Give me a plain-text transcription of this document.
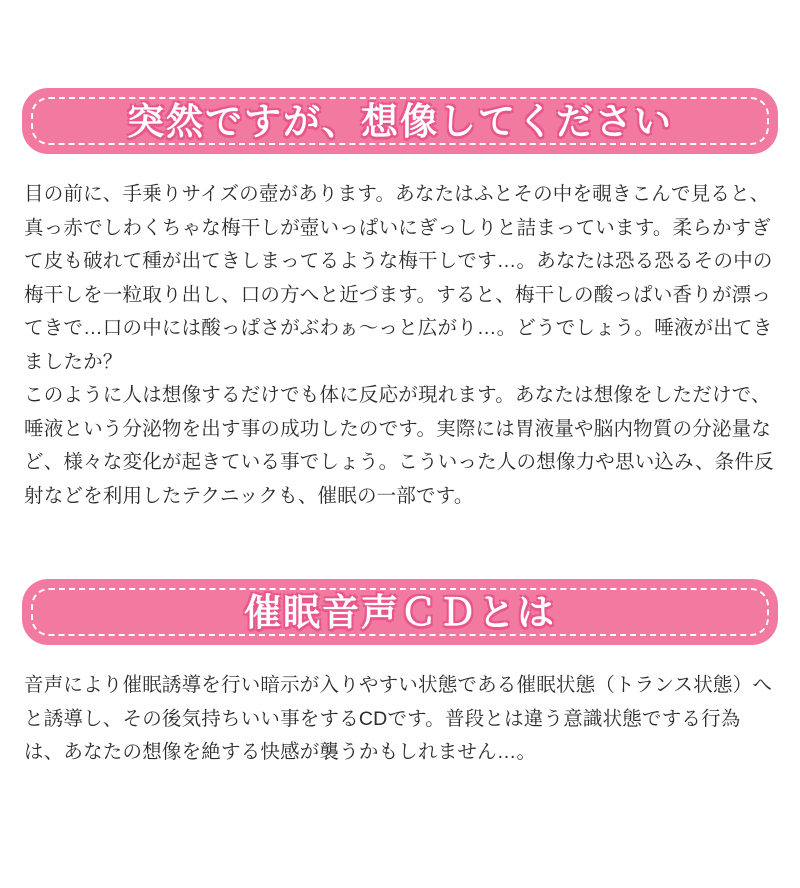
突然ですが、想像してください

目の前に、手乗りサイズの壺があります。あなたはふとその中を覗きこんで見ると、真っ赤でしわくちゃな梅干しが壺いっぱいにぎっしりと詰まっています。柔らかすぎて皮も破れて種が出てきしまってるような梅干しです…。あなたは恐る恐るその中の梅干しを一粒取り出し、口の方へと近づます。すると、梅干しの酸っぱい香りが漂ってきで…口の中には酸っぱさがぶわぁ〜っと広がり…。どうでしょう。唾液が出てきましたか？

このように人は想像するだけでも体に反応が現れます。あなたは想像をしただけで、唾液という分泌物を出す事の成功したのです。実際には胃液量や脳内物質の分泌量など、様々な変化が起きている事でしょう。こういった人の想像力や思い込み、条件反射などを利用したテクニックも、催眠の一部です。

催眠音声ＣＤとは

音声により催眠誘導を行い暗示が入りやすい状態である催眠状態（トランス状態）へと誘導し、その後気持ちいい事をするCDです。普段とは違う意識状態でする行為は、あなたの想像を絶する快感が襲うかもしれません…。
